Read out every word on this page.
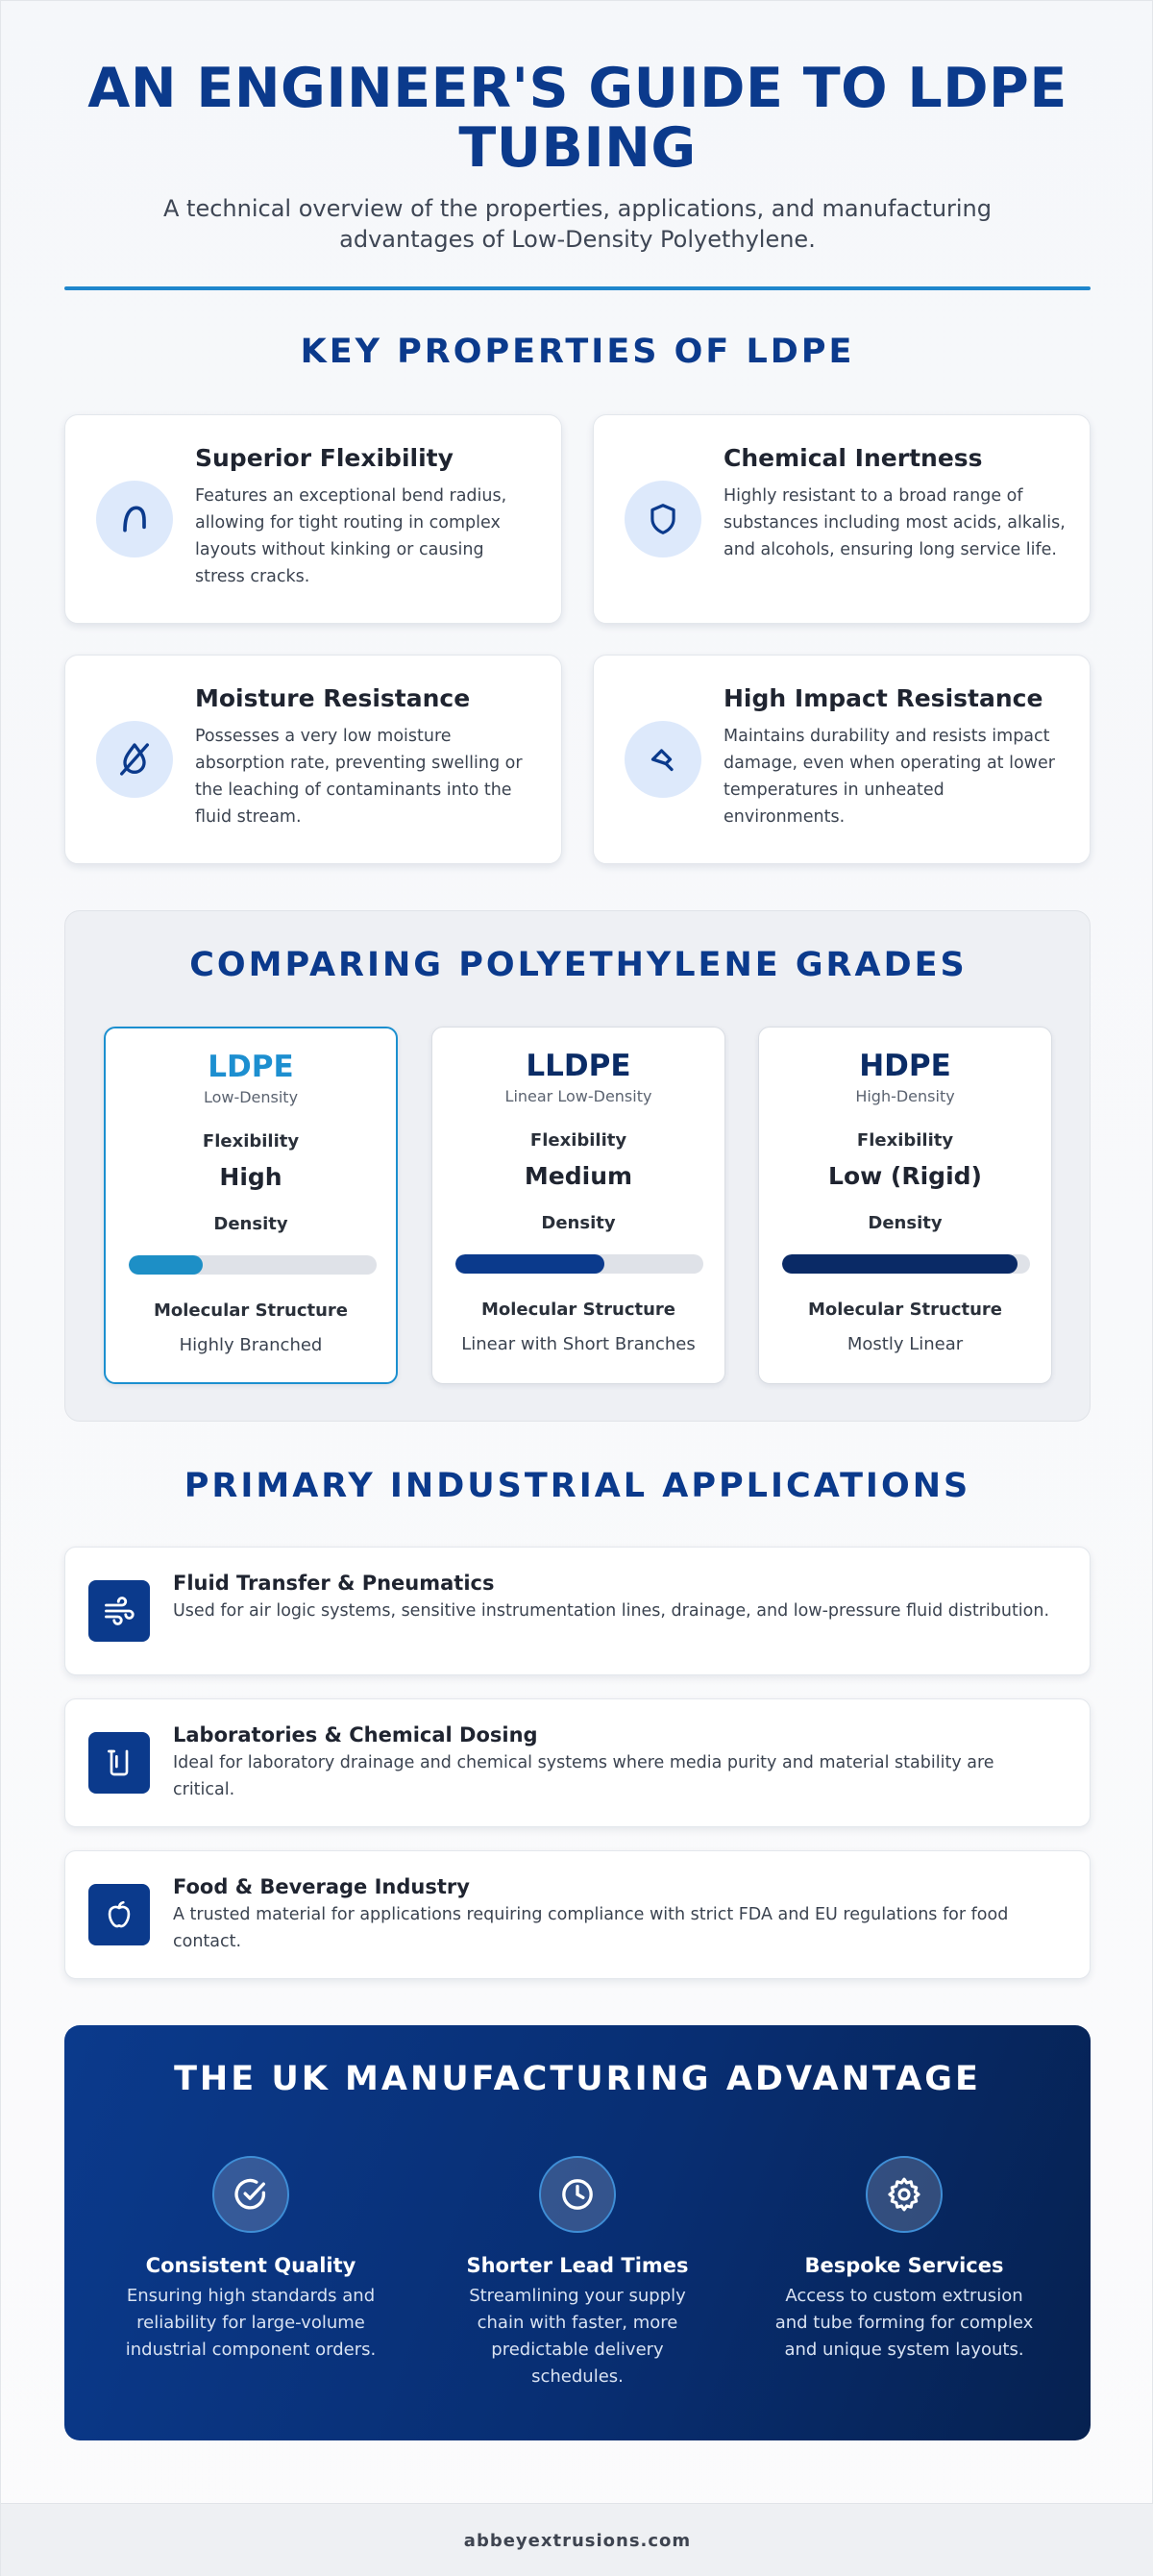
AN ENGINEER'S GUIDE TO LDPE TUBING

A technical overview of the properties, applications, and manufacturing advantages of Low-Density Polyethylene.

KEY PROPERTIES OF LDPE
Superior Flexibility
Features an exceptional bend radius, allowing for tight routing in complex layouts without kinking or causing stress cracks.
Chemical Inertness
Highly resistant to a broad range of substances including most acids, alkalis, and alcohols, ensuring long service life.
Moisture Resistance
Possesses a very low moisture absorption rate, preventing swelling or the leaching of contaminants into the fluid stream.
High Impact Resistance
Maintains durability and resists impact damage, even when operating at lower temperatures in unheated environments.
COMPARING POLYETHYLENE GRADES
LDPE
Low-Density
Flexibility
High
Density
Molecular Structure
Highly Branched
LLDPE
Linear Low-Density
Flexibility
Medium
Density
Molecular Structure
Linear with Short Branches
HDPE
High-Density
Flexibility
Low (Rigid)
Density
Molecular Structure
Mostly Linear
PRIMARY INDUSTRIAL APPLICATIONS
Fluid Transfer & Pneumatics
Used for air logic systems, sensitive instrumentation lines, drainage, and low-pressure fluid distribution.
Laboratories & Chemical Dosing
Ideal for laboratory drainage and chemical systems where media purity and material stability are critical.
Food & Beverage Industry
A trusted material for applications requiring compliance with strict FDA and EU regulations for food contact.
THE UK MANUFACTURING ADVANTAGE
Consistent Quality
Ensuring high standards and reliability for large-volume industrial component orders.
Shorter Lead Times
Streamlining your supply chain with faster, more predictable delivery schedules.
Bespoke Services
Access to custom extrusion and tube forming for complex and unique system layouts.
abbeyextrusions.com
